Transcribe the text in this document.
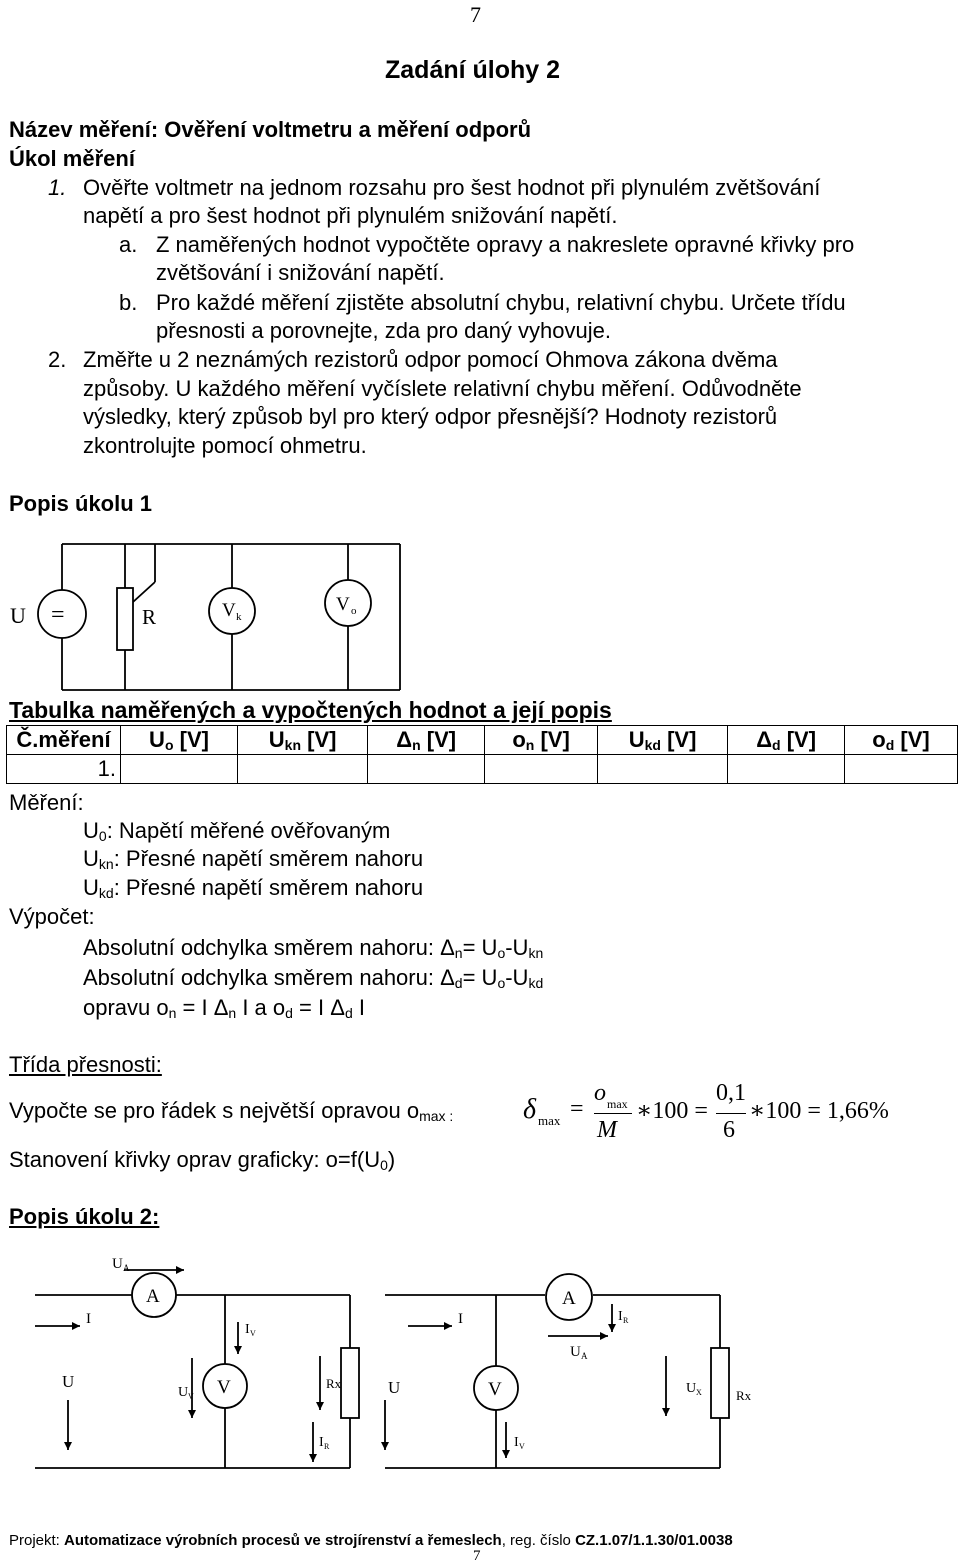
7
Zadání úlohy 2
Název měření: Ověření voltmetru a měření odporů
Úkol měření
1. Ověřte voltmetr na jednom rozsahu pro šest hodnot při plynulém zvětšování
napětí a pro šest hodnot při plynulém snižování napětí.
a. Z naměřených hodnot vypočtěte opravy a nakreslete opravné křivky pro
zvětšování i snižování napětí.
b. Pro každé měření zjistěte absolutní chybu, relativní chybu. Určete třídu
přesnosti a porovnejte, zda pro daný vyhovuje.
2. Změřte u 2 neznámých rezistorů odpor pomocí Ohmova zákona dvěma
způsoby. U každého měření vyčíslete relativní chybu měření. Odůvodněte
výsledky, který způsob byl pro který odpor přesnější? Hodnoty rezistorů
zkontrolujte pomocí ohmetru.
Popis úkolu 1
U =	R	V k
V o
Tabulka naměřených a vypočtených hodnot a její popis
Č.měření	$U_o$ [V]	$U_{kn}$ [V]	$\Delta_n$ [V]	$o_n$ [V]	$U_{kd}$ [V]	$\Delta_d$ [V]	$o_d$ [V]
1.							
Měření:
$U_0$: Napětí měřené ověřovaným
$U_{kn}$: Přesné napětí směrem nahoru
$U_{kd}$: Přesné napětí směrem nahoru
Výpočet:
Absolutní odchylka směrem nahoru: $\Delta_n= U_o-U_{kn}$
Absolutní odchylka směrem nahoru: $\Delta_d= U_o-U_{kd}$
opravu $o_n = I$ $\Delta_n$ I a $o_d = I$ $\Delta_d$ I
Třída přesnosti:
Vypočte se pro řádek s největší opravou $o_{max}$ $_:$ δ max =
o max
M
∗100 =
0,1
6
∗100 = 1,66%
Stanovení křivky oprav graficky: $o=f(U_0)$
Popis úkolu 2:
U A
A
I
I V
U
U V V	Rx
I R
A
I R
U A
I
U	V	U X	Rx
I V
Projekt: Automatizace výrobních procesů ve strojírenství a řemeslech, reg. číslo CZ.1.07/1.1.30/01.0038
7
